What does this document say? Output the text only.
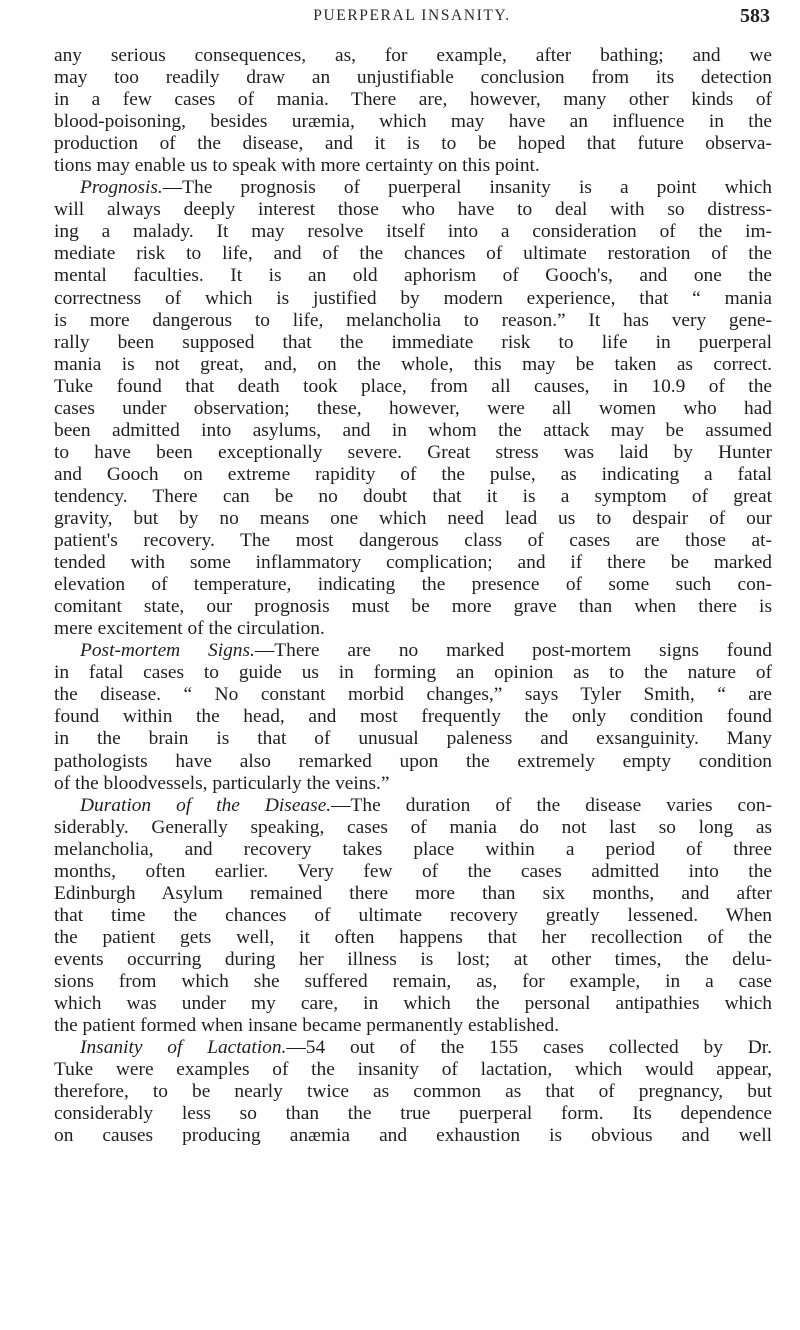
PUERPERAL INSANITY.	583
any serious consequences, as, for example, after bathing; and we
may too readily draw an unjustifiable conclusion from its detection
in a few cases of mania. There are, however, many other kinds of
blood-poisoning, besides uræmia, which may have an influence in the
production of the disease, and it is to be hoped that future observa-
tions may enable us to speak with more certainty on this point.
Prognosis.—The prognosis of puerperal insanity is a point which
will always deeply interest those who have to deal with so distress-
ing a malady. It may resolve itself into a consideration of the im-
mediate risk to life, and of the chances of ultimate restoration of the
mental faculties. It is an old aphorism of Gooch's, and one the
correctness of which is justified by modern experience, that “ mania
is more dangerous to life, melancholia to reason.” It has very gene-
rally been supposed that the immediate risk to life in puerperal
mania is not great, and, on the whole, this may be taken as correct.
Tuke found that death took place, from all causes, in 10.9 of the
cases under observation; these, however, were all women who had
been admitted into asylums, and in whom the attack may be assumed
to have been exceptionally severe. Great stress was laid by Hunter
and Gooch on extreme rapidity of the pulse, as indicating a fatal
tendency. There can be no doubt that it is a symptom of great
gravity, but by no means one which need lead us to despair of our
patient's recovery. The most dangerous class of cases are those at-
tended with some inflammatory complication; and if there be marked
elevation of temperature, indicating the presence of some such con-
comitant state, our prognosis must be more grave than when there is
mere excitement of the circulation.
Post-mortem Signs.—There are no marked post-mortem signs found
in fatal cases to guide us in forming an opinion as to the nature of
the disease. “ No constant morbid changes,” says Tyler Smith, “ are
found within the head, and most frequently the only condition found
in the brain is that of unusual paleness and exsanguinity. Many
pathologists have also remarked upon the extremely empty condition
of the bloodvessels, particularly the veins.”
Duration of the Disease.—The duration of the disease varies con-
siderably. Generally speaking, cases of mania do not last so long as
melancholia, and recovery takes place within a period of three
months, often earlier. Very few of the cases admitted into the
Edinburgh Asylum remained there more than six months, and after
that time the chances of ultimate recovery greatly lessened. When
the patient gets well, it often happens that her recollection of the
events occurring during her illness is lost; at other times, the delu-
sions from which she suffered remain, as, for example, in a case
which was under my care, in which the personal antipathies which
the patient formed when insane became permanently established.
Insanity of Lactation.—54 out of the 155 cases collected by Dr.
Tuke were examples of the insanity of lactation, which would appear,
therefore, to be nearly twice as common as that of pregnancy, but
considerably less so than the true puerperal form. Its dependence
on causes producing anæmia and exhaustion is obvious and well
